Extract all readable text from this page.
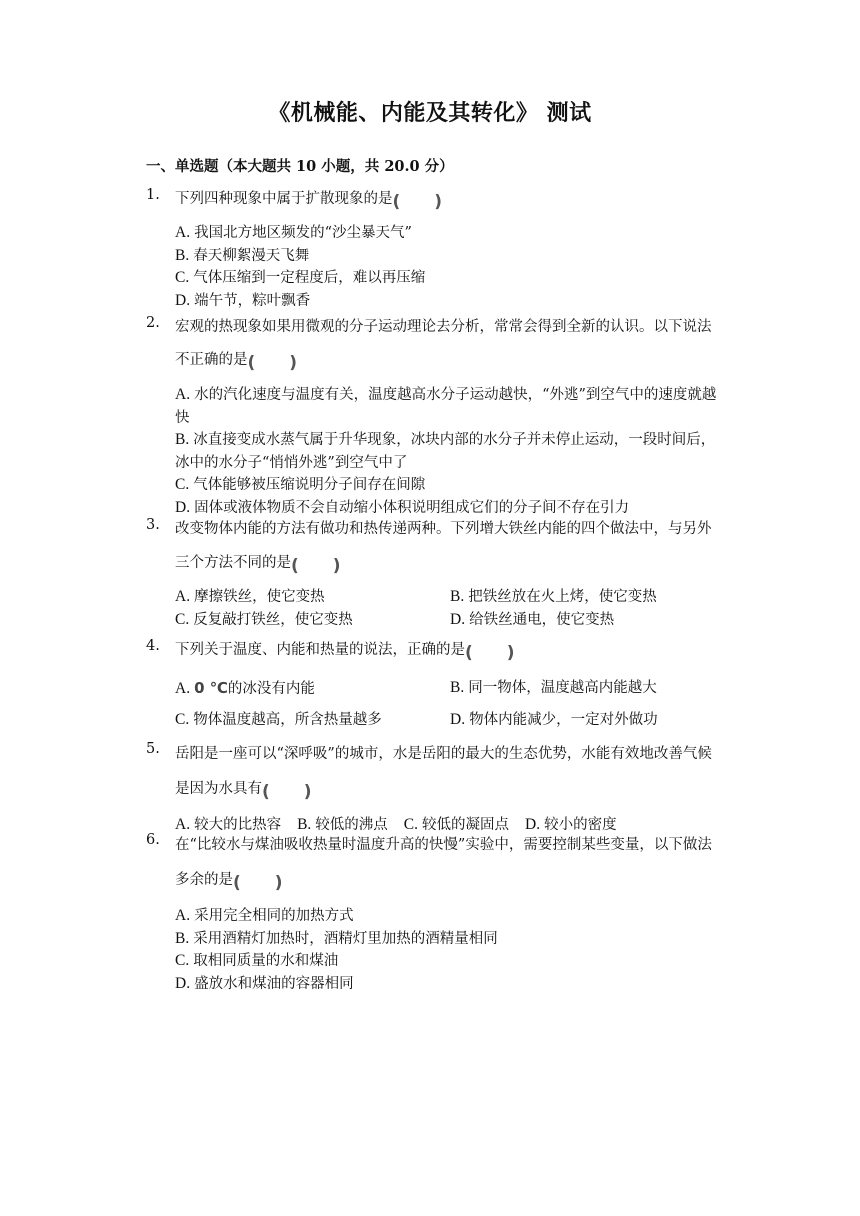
《机械能、内能及其转化》 测试
一、单选题（本大题共 10 小题，共 20.0 分）
1. 下列四种现象中属于扩散现象的是( )
A. 我国北方地区频发的“沙尘暴天气”
B. 春天柳絮漫天飞舞
C. 气体压缩到一定程度后，难以再压缩
D. 端午节，粽叶飘香
2. 宏观的热现象如果用微观的分子运动理论去分析，常常会得到全新的认识。以下说法不正确的是( )
A. 水的汽化速度与温度有关，温度越高水分子运动越快，“外逃”到空气中的速度就越快
B. 冰直接变成水蒸气属于升华现象，冰块内部的水分子并未停止运动，一段时间后，冰中的水分子“悄悄外逃”到空气中了
C. 气体能够被压缩说明分子间存在间隙
D. 固体或液体物质不会自动缩小体积说明组成它们的分子间不存在引力
3. 改变物体内能的方法有做功和热传递两种。下列增大铁丝内能的四个做法中，与另外三个方法不同的是( )
A. 摩擦铁丝，使它变热	B. 把铁丝放在火上烤，使它变热
C. 反复敲打铁丝，使它变热	D. 给铁丝通电，使它变热
4. 下列关于温度、内能和热量的说法，正确的是( )
A. 0 ℃的冰没有内能	B. 同一物体，温度越高内能越大
C. 物体温度越高，所含热量越多	D. 物体内能减少，一定对外做功
5. 岳阳是一座可以“深呼吸”的城市，水是岳阳的最大的生态优势，水能有效地改善气候是因为水具有( )
A. 较大的比热容 B. 较低的沸点 C. 较低的凝固点 D. 较小的密度
6. 在“比较水与煤油吸收热量时温度升高的快慢”实验中，需要控制某些变量，以下做法多余的是( )
A. 采用完全相同的加热方式
B. 采用酒精灯加热时，酒精灯里加热的酒精量相同
C. 取相同质量的水和煤油
D. 盛放水和煤油的容器相同
